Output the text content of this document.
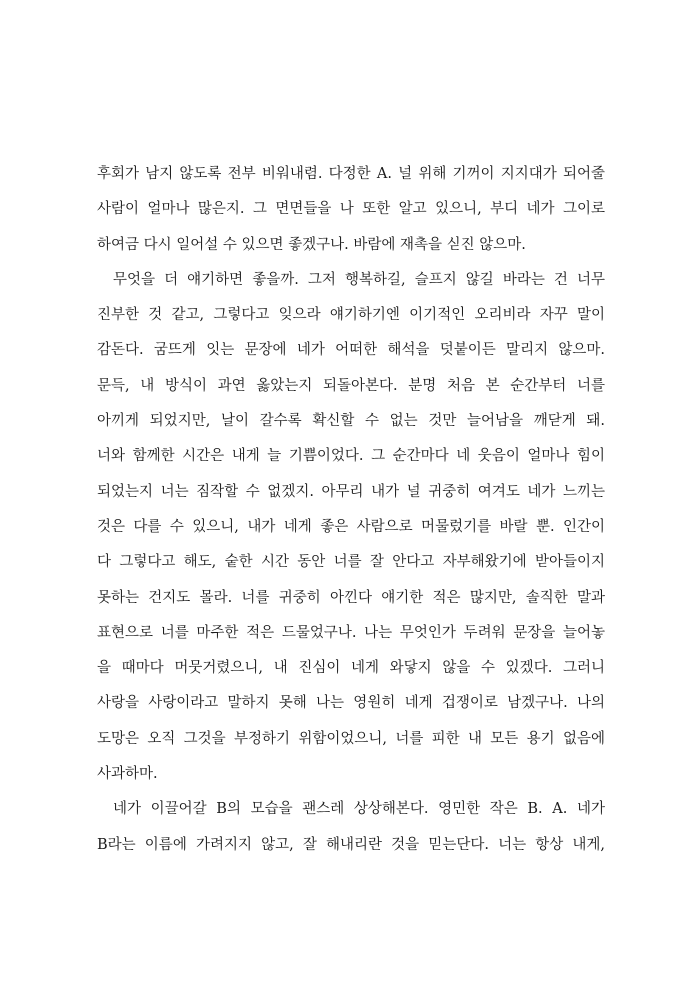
후회가 남지 않도록 전부 비워내렴. 다정한 A. 널 위해 기꺼이 지지대가 되어줄
사람이 얼마나 많은지. 그 면면들을 나 또한 알고 있으니, 부디 네가 그이로
하여금 다시 일어설 수 있으면 좋겠구나. 바람에 재촉을 싣진 않으마.
무엇을 더 얘기하면 좋을까. 그저 행복하길, 슬프지 않길 바라는 건 너무
진부한 것 같고, 그렇다고 잊으라 얘기하기엔 이기적인 오리비라 자꾸 말이
감돈다. 굼뜨게 잇는 문장에 네가 어떠한 해석을 덧붙이든 말리지 않으마.
문득, 내 방식이 과연 옳았는지 되돌아본다. 분명 처음 본 순간부터 너를
아끼게 되었지만, 날이 갈수록 확신할 수 없는 것만 늘어남을 깨닫게 돼.
너와 함께한 시간은 내게 늘 기쁨이었다. 그 순간마다 네 웃음이 얼마나 힘이
되었는지 너는 짐작할 수 없겠지. 아무리 내가 널 귀중히 여겨도 네가 느끼는
것은 다를 수 있으니, 내가 네게 좋은 사람으로 머물렀기를 바랄 뿐. 인간이
다 그렇다고 해도, 숱한 시간 동안 너를 잘 안다고 자부해왔기에 받아들이지
못하는 건지도 몰라. 너를 귀중히 아낀다 얘기한 적은 많지만, 솔직한 말과
표현으로 너를 마주한 적은 드물었구나. 나는 무엇인가 두려워 문장을 늘어놓
을 때마다 머뭇거렸으니, 내 진심이 네게 와닿지 않을 수 있겠다. 그러니
사랑을 사랑이라고 말하지 못해 나는 영원히 네게 겁쟁이로 남겠구나. 나의
도망은 오직 그것을 부정하기 위함이었으니, 너를 피한 내 모든 용기 없음에
사과하마.
네가 이끌어갈 B의 모습을 괜스레 상상해본다. 영민한 작은 B. A. 네가
B라는 이름에 가려지지 않고, 잘 해내리란 것을 믿는단다. 너는 항상 내게,
